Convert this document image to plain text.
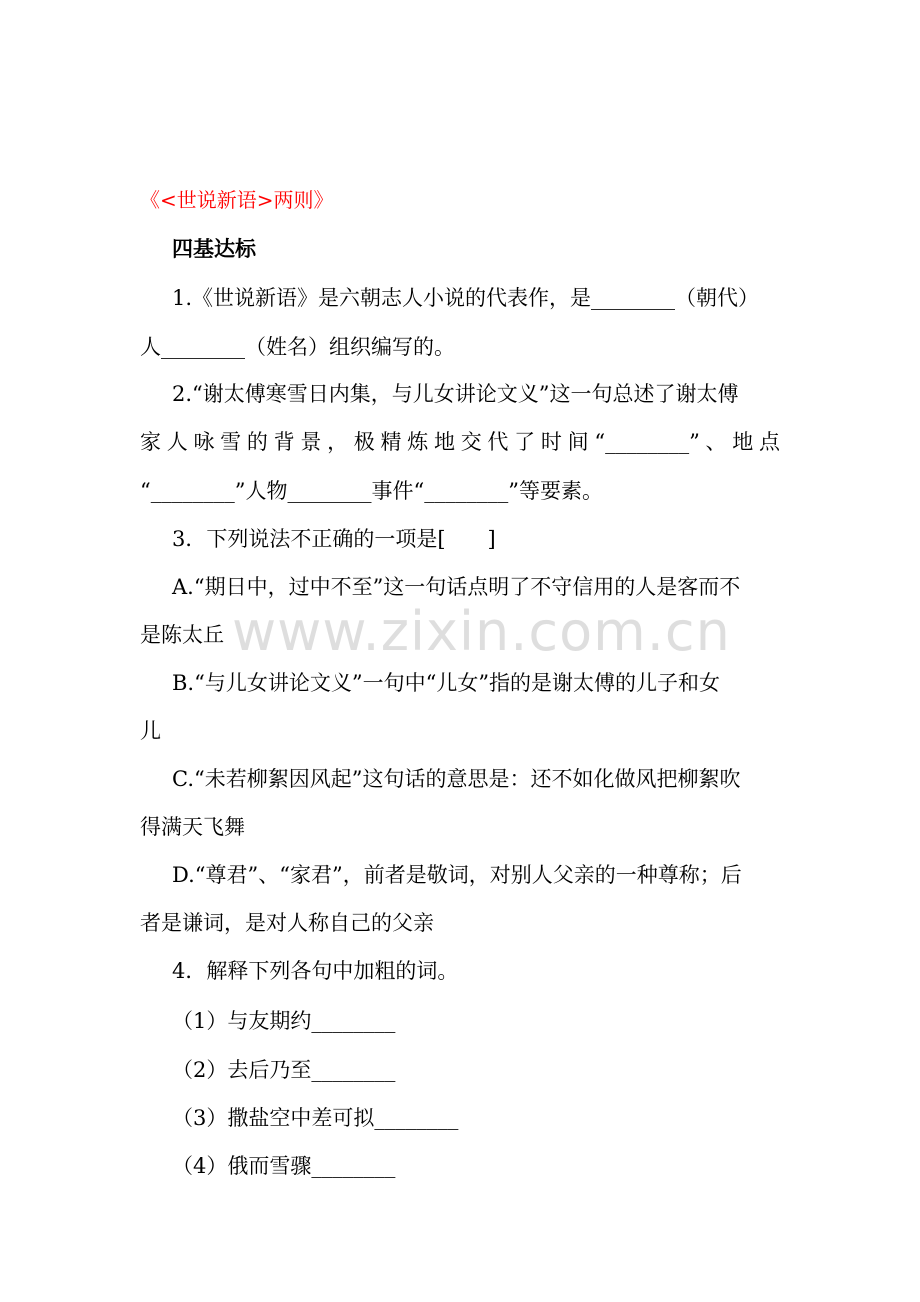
《<世说新语>两则》
四基达标
1.《世说新语》是六朝志人小说的代表作，是________（朝代）
人________（姓名）组织编写的。
2.“谢太傅寒雪日内集，与儿女讲论文义”这一句总述了谢太傅
家人咏雪的背景，极精炼地交代了时间“________”、地点
“________”人物________事件“________”等要素。
3．下列说法不正确的一项是[　　]
A.“期日中，过中不至”这一句话点明了不守信用的人是客而不
是陈太丘
B.“与儿女讲论文义”一句中“儿女”指的是谢太傅的儿子和女
儿
C.“未若柳絮因风起”这句话的意思是：还不如化做风把柳絮吹
得满天飞舞
D.“尊君”、“家君”，前者是敬词，对别人父亲的一种尊称；后
者是谦词，是对人称自己的父亲
4．解释下列各句中加粗的词。
（1）与友期约________
（2）去后乃至________
（3）撒盐空中差可拟________
（4）俄而雪骤________
www.zixin.com.cn
